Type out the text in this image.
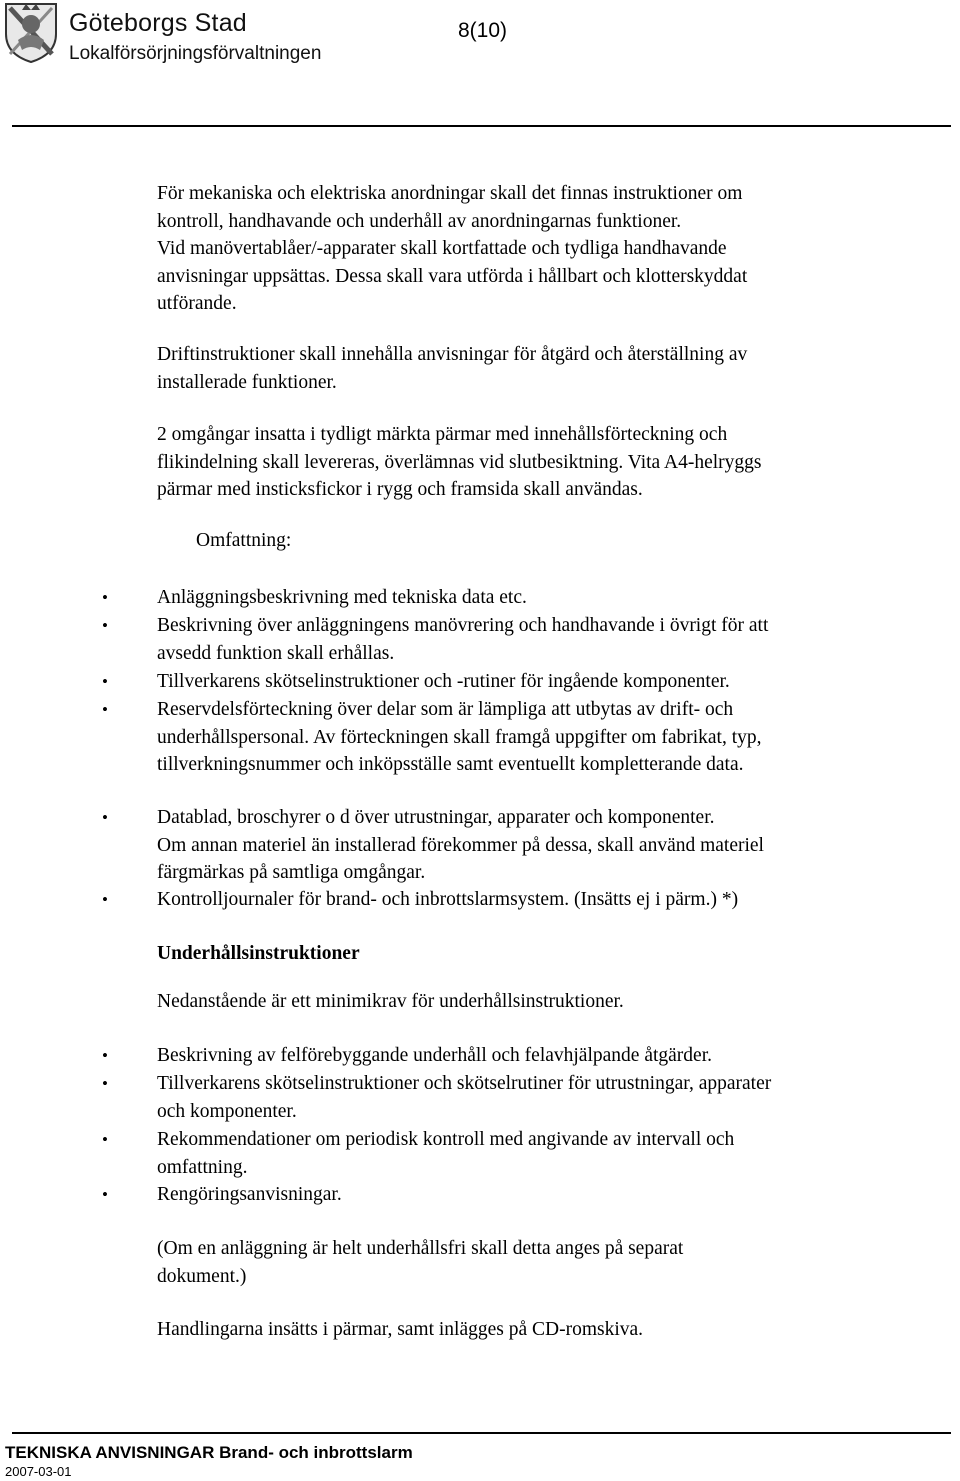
Göteborgs Stad
Lokalförsörjningsförvaltningen
8(10)

För mekaniska och elektriska anordningar skall det finnas instruktioner om
kontroll, handhavande och underhåll av anordningarnas funktioner.
Vid manövertablåer/-apparater skall kortfattade och tydliga handhavande
anvisningar uppsättas. Dessa skall vara utförda i hållbart och klotterskyddat
utförande.

Driftinstruktioner skall innehålla anvisningar för åtgärd och återställning av
installerade funktioner.

2 omgångar insatta i tydligt märkta pärmar med innehållsförteckning och
flikindelning skall levereras, överlämnas vid slutbesiktning. Vita A4-helryggs
pärmar med insticksfickor i rygg och framsida skall användas.

Omfattning:

•	Anläggningsbeskrivning med tekniska data etc.

•	Beskrivning över anläggningens manövrering och handhavande i övrigt för att
avsedd funktion skall erhållas.

•	Tillverkarens skötselinstruktioner och -rutiner för ingående komponenter.

•	Reservdelsförteckning över delar som är lämpliga att utbytas av drift- och
underhållspersonal. Av förteckningen skall framgå uppgifter om fabrikat, typ,
tillverkningsnummer och inköpsställe samt eventuellt kompletterande data.

•	Datablad, broschyrer o d över utrustningar, apparater och komponenter.
Om annan materiel än installerad förekommer på dessa, skall använd materiel
färgmärkas på samtliga omgångar.

•	Kontrolljournaler för brand- och inbrottslarmsystem. (Insätts ej i pärm.) *)

Underhållsinstruktioner

Nedanstående är ett minimikrav för underhållsinstruktioner.

•	Beskrivning av felförebyggande underhåll och felavhjälpande åtgärder.

•	Tillverkarens skötselinstruktioner och skötselrutiner för utrustningar, apparater
och komponenter.

•	Rekommendationer om periodisk kontroll med angivande av intervall och
omfattning.

•	Rengöringsanvisningar.

(Om en anläggning är helt underhållsfri skall detta anges på separat
dokument.)

Handlingarna insätts i pärmar, samt inlägges på CD-romskiva.

TEKNISKA ANVISNINGAR Brand- och inbrottslarm
2007-03-01
